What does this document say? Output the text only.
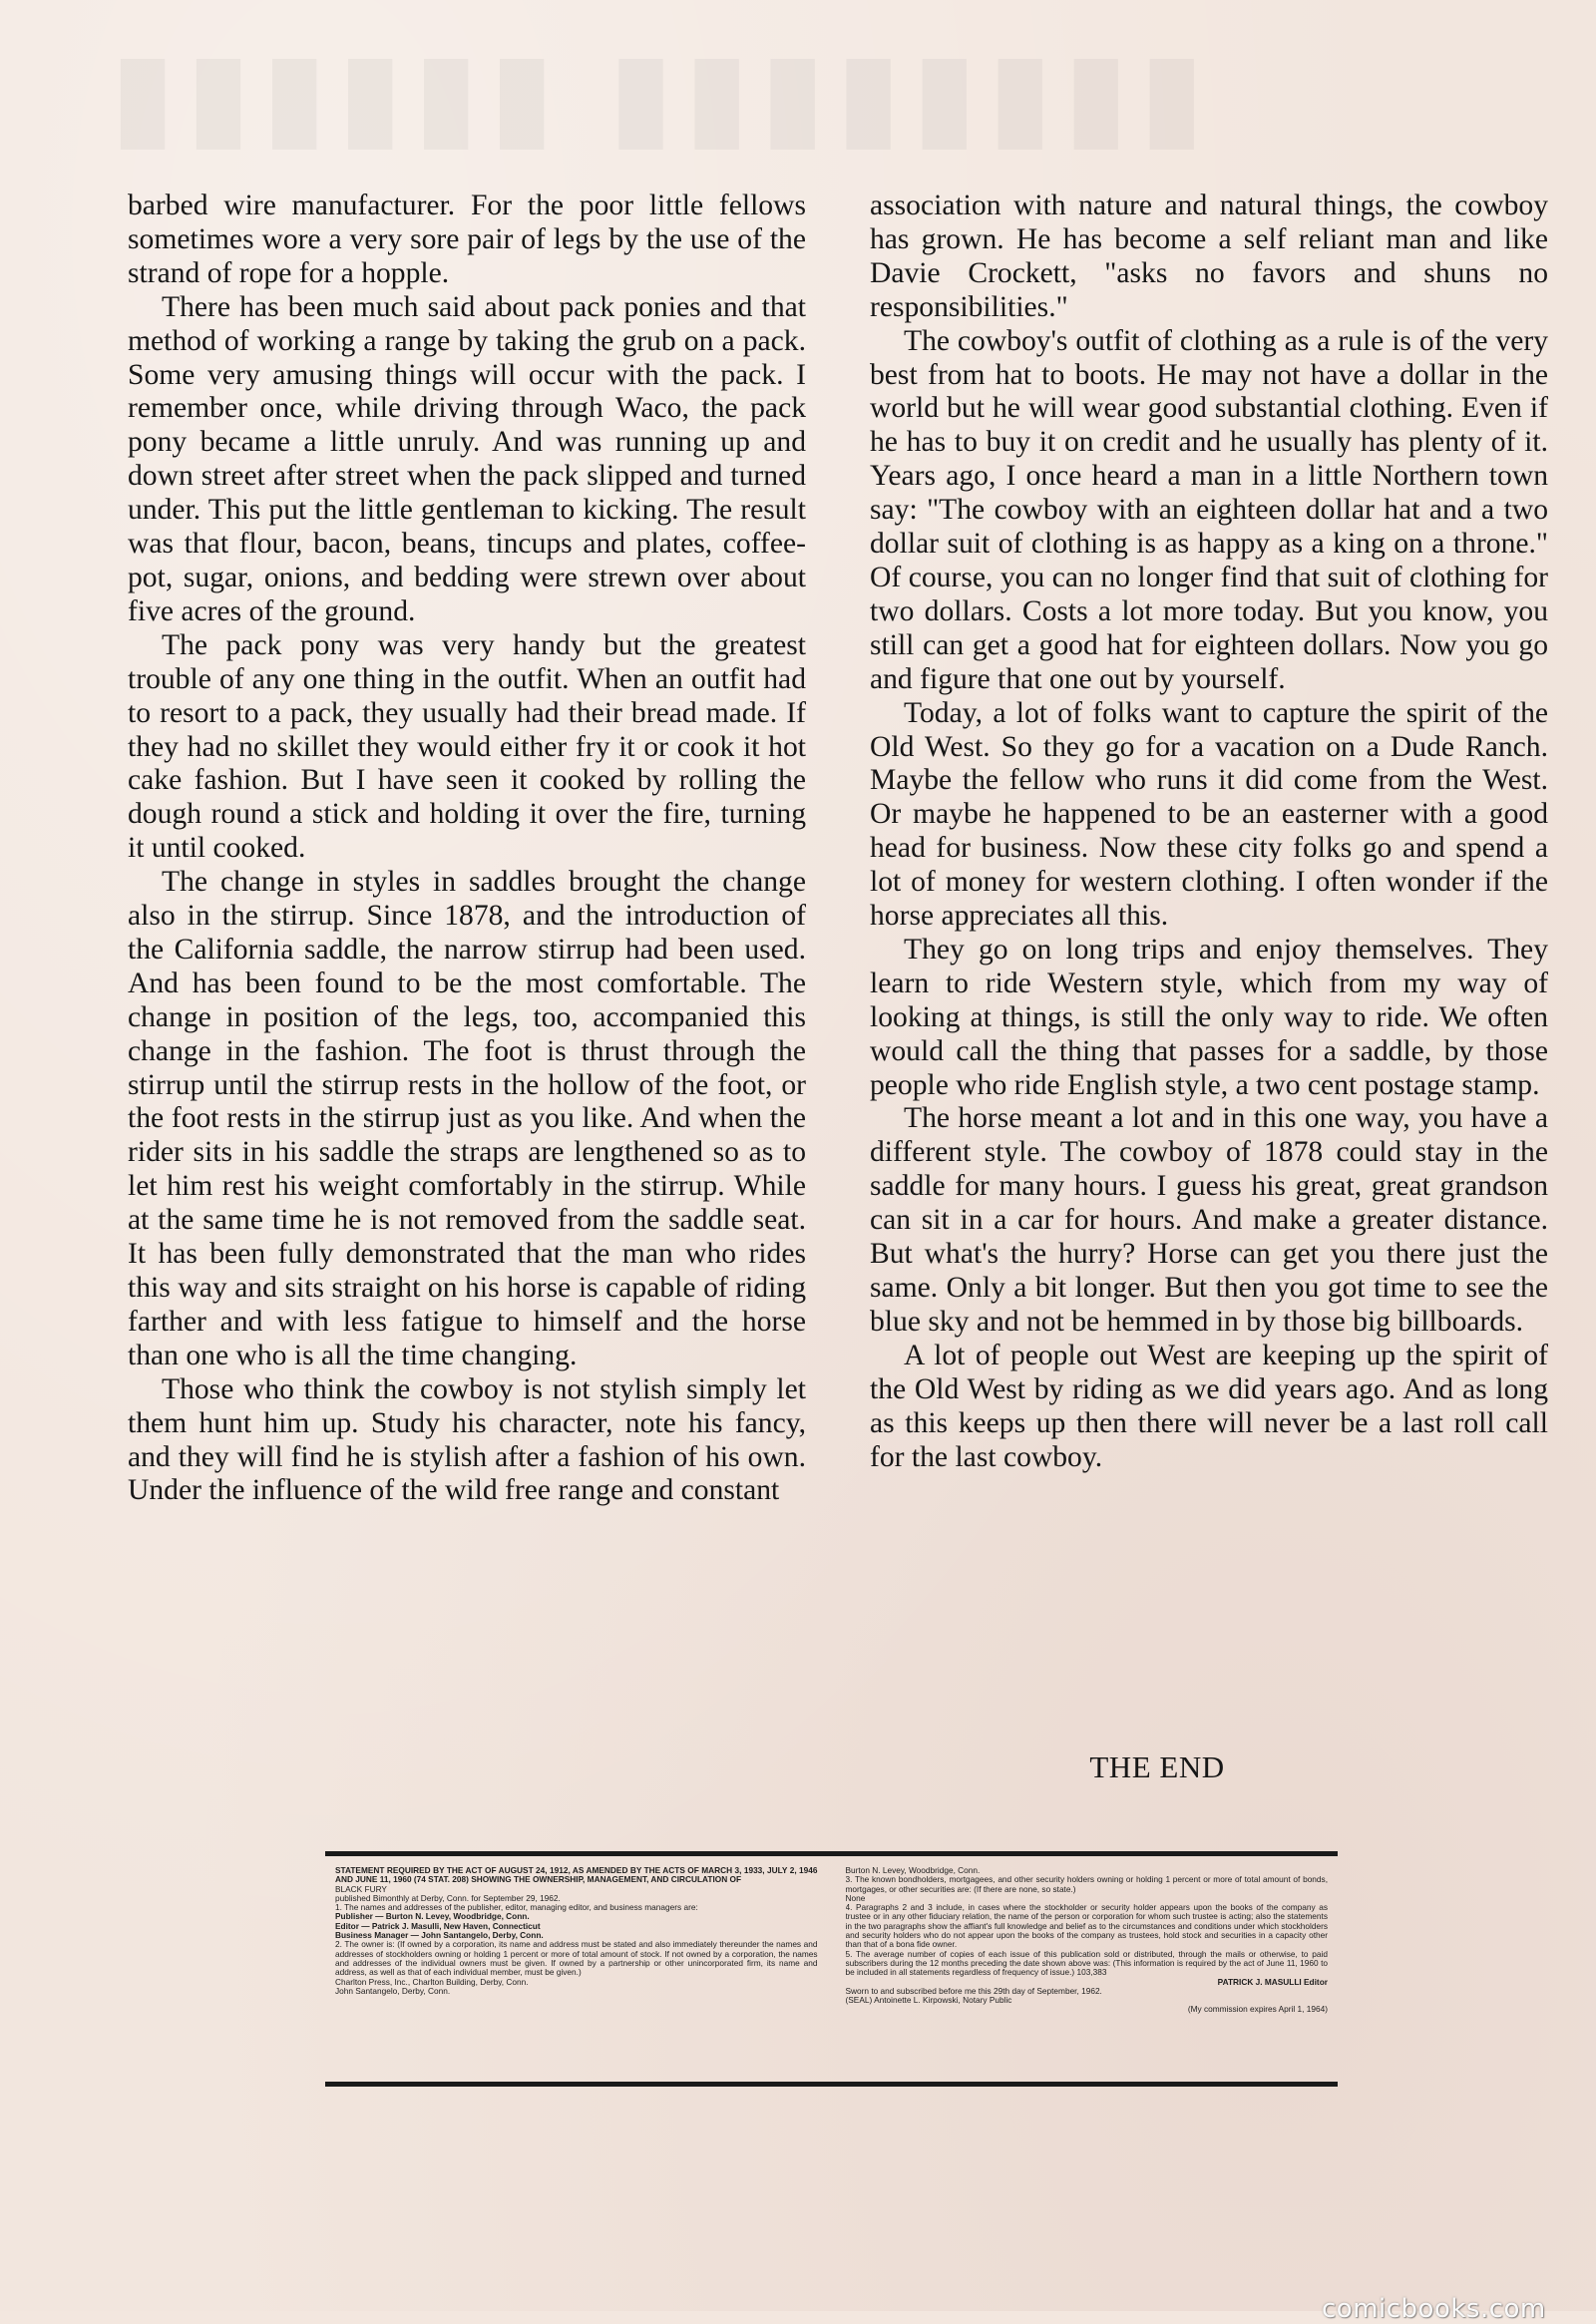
▮▮▮▮▮▮ ▮▮▮▮▮▮▮▮

barbed wire manufacturer. For the poor little fellows sometimes wore a very sore pair of legs by the use of the strand of rope for a hopple.

There has been much said about pack ponies and that method of working a range by taking the grub on a pack. Some very amusing things will occur with the pack. I remember once, while driving through Waco, the pack pony became a little unruly. And was running up and down street after street when the pack slipped and turned under. This put the little gentleman to kicking. The result was that flour, bacon, beans, tincups and plates, coffee-pot, sugar, onions, and bedding were strewn over about five acres of the ground.

The pack pony was very handy but the greatest trouble of any one thing in the outfit. When an outfit had to resort to a pack, they usually had their bread made. If they had no skillet they would either fry it or cook it hot cake fashion. But I have seen it cooked by rolling the dough round a stick and holding it over the fire, turning it until cooked.

The change in styles in saddles brought the change also in the stirrup. Since 1878, and the introduction of the California saddle, the narrow stirrup had been used. And has been found to be the most comfortable. The change in position of the legs, too, accompanied this change in the fashion. The foot is thrust through the stirrup until the stirrup rests in the hollow of the foot, or the foot rests in the stirrup just as you like. And when the rider sits in his saddle the straps are lengthened so as to let him rest his weight comfortably in the stirrup. While at the same time he is not removed from the saddle seat. It has been fully demonstrated that the man who rides this way and sits straight on his horse is capable of riding farther and with less fatigue to himself and the horse than one who is all the time changing.

Those who think the cowboy is not stylish simply let them hunt him up. Study his character, note his fancy, and they will find he is stylish after a fashion of his own. Under the influence of the wild free range and constant

association with nature and natural things, the cowboy has grown. He has become a self reliant man and like Davie Crockett, "asks no favors and shuns no responsibilities."

The cowboy's outfit of clothing as a rule is of the very best from hat to boots. He may not have a dollar in the world but he will wear good substantial clothing. Even if he has to buy it on credit and he usually has plenty of it. Years ago, I once heard a man in a little Northern town say: "The cowboy with an eighteen dollar hat and a two dollar suit of clothing is as happy as a king on a throne." Of course, you can no longer find that suit of clothing for two dollars. Costs a lot more today. But you know, you still can get a good hat for eighteen dollars. Now you go and figure that one out by yourself.

Today, a lot of folks want to capture the spirit of the Old West. So they go for a vacation on a Dude Ranch. Maybe the fellow who runs it did come from the West. Or maybe he happened to be an easterner with a good head for business. Now these city folks go and spend a lot of money for western clothing. I often wonder if the horse appreciates all this.

They go on long trips and enjoy themselves. They learn to ride Western style, which from my way of looking at things, is still the only way to ride. We often would call the thing that passes for a saddle, by those people who ride English style, a two cent postage stamp.

The horse meant a lot and in this one way, you have a different style. The cowboy of 1878 could stay in the saddle for many hours. I guess his great, great grandson can sit in a car for hours. And make a greater distance. But what's the hurry? Horse can get you there just the same. Only a bit longer. But then you got time to see the blue sky and not be hemmed in by those big billboards.

A lot of people out West are keeping up the spirit of the Old West by riding as we did years ago. And as long as this keeps up then there will never be a last roll call for the last cowboy.

THE END

STATEMENT REQUIRED BY THE ACT OF AUGUST 24, 1912, AS AMENDED BY THE ACTS OF MARCH 3, 1933, JULY 2, 1946 AND JUNE 11, 1960 (74 STAT. 208) SHOWING THE OWNERSHIP, MANAGEMENT, AND CIRCULATION OF

BLACK FURY

published Bimonthly at Derby, Conn. for September 29, 1962.

1. The names and addresses of the publisher, editor, managing editor, and business managers are:

Publisher — Burton N. Levey, Woodbridge, Conn.

Editor — Patrick J. Masulli, New Haven, Connecticut

Business Manager — John Santangelo, Derby, Conn.

2. The owner is: (If owned by a corporation, its name and address must be stated and also immediately thereunder the names and addresses of stockholders owning or holding 1 percent or more of total amount of stock. If not owned by a corporation, the names and addresses of the individual owners must be given. If owned by a partnership or other unincorporated firm, its name and address, as well as that of each individual member, must be given.)

Charlton Press, Inc., Charlton Building, Derby, Conn.

John Santangelo, Derby, Conn.

Burton N. Levey, Woodbridge, Conn.

3. The known bondholders, mortgagees, and other security holders owning or holding 1 percent or more of total amount of bonds, mortgages, or other securities are: (If there are none, so state.)

None

4. Paragraphs 2 and 3 include, in cases where the stockholder or security holder appears upon the books of the company as trustee or in any other fiduciary relation, the name of the person or corporation for whom such trustee is acting; also the statements in the two paragraphs show the affiant's full knowledge and belief as to the circumstances and conditions under which stockholders and security holders who do not appear upon the books of the company as trustees, hold stock and securities in a capacity other than that of a bona fide owner.

5. The average number of copies of each issue of this publication sold or distributed, through the mails or otherwise, to paid subscribers during the 12 months preceding the date shown above was: (This information is required by the act of June 11, 1960 to be included in all statements regardless of frequency of issue.) 103,383

PATRICK J. MASULLI Editor

Sworn to and subscribed before me this 29th day of September, 1962.

(SEAL) Antoinette L. Kirpowski, Notary Public

(My commission expires April 1, 1964)

comicbooks.com
